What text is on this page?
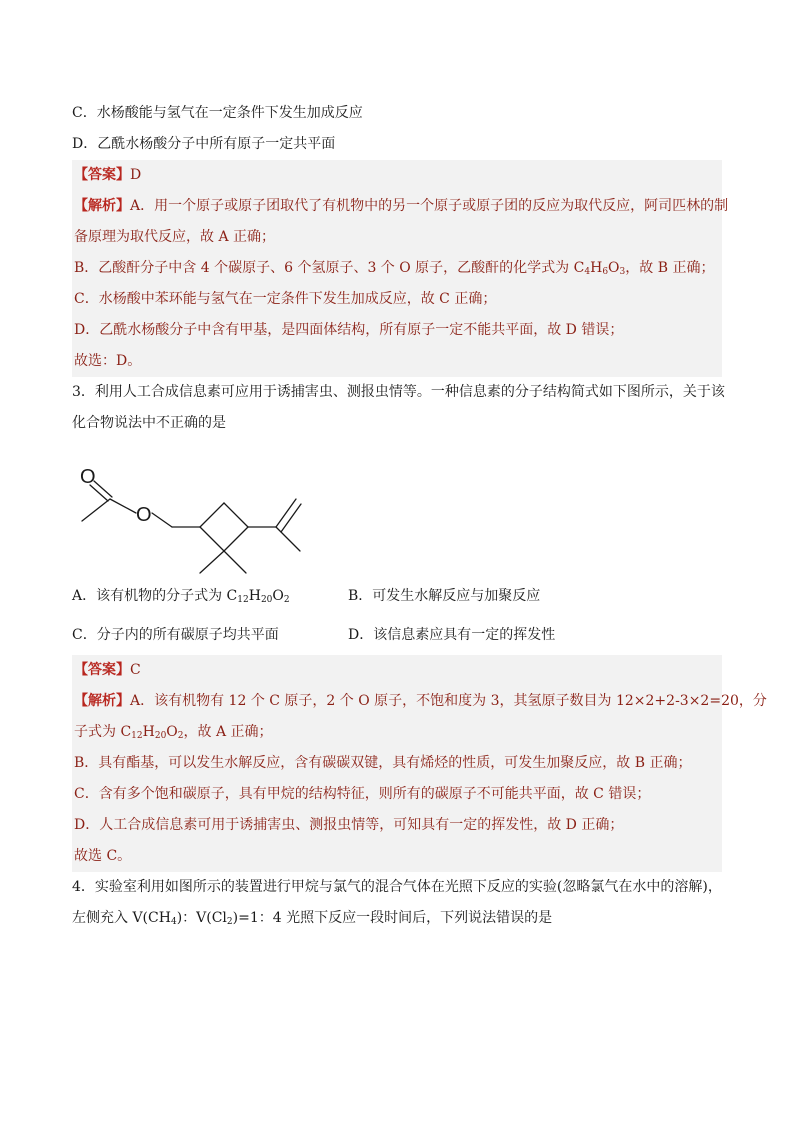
C．水杨酸能与氢气在一定条件下发生加成反应
D．乙酰水杨酸分子中所有原子一定共平面
【答案】D
【解析】A．用一个原子或原子团取代了有机物中的另一个原子或原子团的反应为取代反应，阿司匹林的制
备原理为取代反应，故 A 正确；
B．乙酸酐分子中含 4 个碳原子、6 个氢原子、3 个 O 原子，乙酸酐的化学式为 $C_4H_6O_3$，故 B 正确；
C．水杨酸中苯环能与氢气在一定条件下发生加成反应，故 C 正确；
D．乙酰水杨酸分子中含有甲基，是四面体结构，所有原子一定不能共平面，故 D 错误；
故选：D。
3．利用人工合成信息素可应用于诱捕害虫、测报虫情等。一种信息素的分子结构简式如下图所示，关于该
化合物说法中不正确的是
O
O
A．该有机物的分子式为 $C_{12}H_{20}O_2$	B．可发生水解反应与加聚反应
C．分子内的所有碳原子均共平面	D．该信息素应具有一定的挥发性
【答案】C
【解析】A．该有机物有 12 个 C 原子，2 个 O 原子，不饱和度为 3，其氢原子数目为 12×2+2-3×2=20，分
子式为 $C_{12}H_{20}O_2$，故 A 正确；
B．具有酯基，可以发生水解反应，含有碳碳双键，具有烯烃的性质，可发生加聚反应，故 B 正确；
C．含有多个饱和碳原子，具有甲烷的结构特征，则所有的碳原子不可能共平面，故 C 错误；
D．人工合成信息素可用于诱捕害虫、测报虫情等，可知具有一定的挥发性，故 D 正确；
故选 C。
4．实验室利用如图所示的装置进行甲烷与氯气的混合气体在光照下反应的实验(忽略氯气在水中的溶解)，
左侧充入 $V(CH_4)$：$V(Cl_2)=1$：4 光照下反应一段时间后，下列说法错误的是
